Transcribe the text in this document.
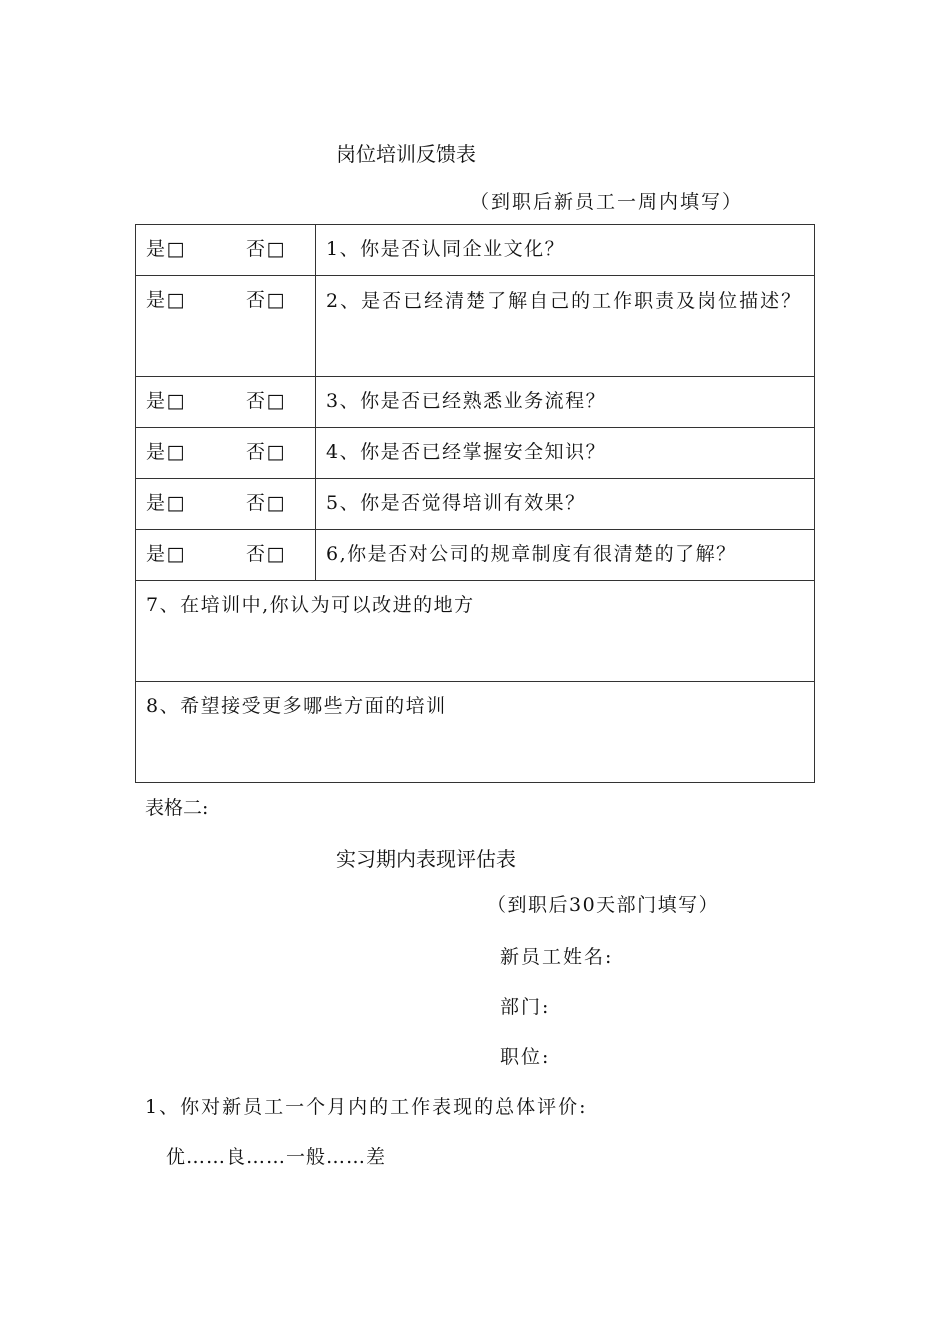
岗位培训反馈表
（到职后新员工一周内填写）
是□ 否□	1、你是否认同企业文化？
是□ 否□	2、是否已经清楚了解自己的工作职责及岗位描述？
是□ 否□	3、你是否已经熟悉业务流程？
是□ 否□	4、你是否已经掌握安全知识？
是□ 否□	5、你是否觉得培训有效果？
是□ 否□	6,你是否对公司的规章制度有很清楚的了解？
7、在培训中,你认为可以改进的地方	
8、希望接受更多哪些方面的培训	
表格二:
实习期内表现评估表
（到职后30天部门填写）
新员工姓名:
部门:
职位:
1、你对新员工一个月内的工作表现的总体评价:
优……良……一般……差
